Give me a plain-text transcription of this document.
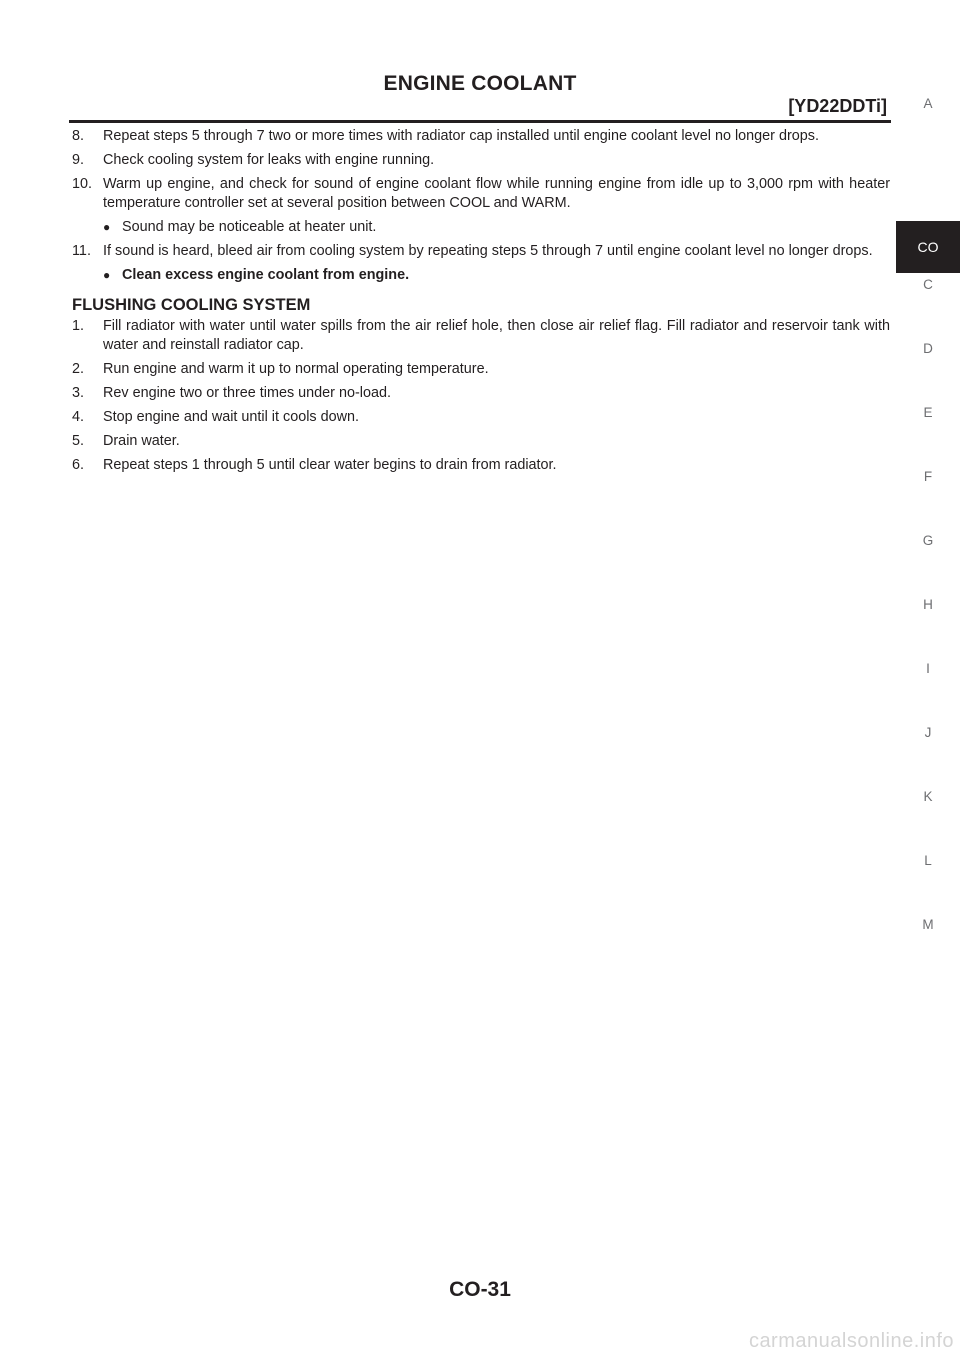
ENGINE COOLANT
[YD22DDTi]
8. Repeat steps 5 through 7 two or more times with radiator cap installed until engine coolant level no longer drops.
9. Check cooling system for leaks with engine running.
10. Warm up engine, and check for sound of engine coolant flow while running engine from idle up to 3,000 rpm with heater temperature controller set at several position between COOL and WARM.
● Sound may be noticeable at heater unit.
11. If sound is heard, bleed air from cooling system by repeating steps 5 through 7 until engine coolant level no longer drops.
● Clean excess engine coolant from engine.
FLUSHING COOLING SYSTEM
1. Fill radiator with water until water spills from the air relief hole, then close air relief flag. Fill radiator and reservoir tank with water and reinstall radiator cap.
2. Run engine and warm it up to normal operating temperature.
3. Rev engine two or three times under no-load.
4. Stop engine and wait until it cools down.
5. Drain water.
6. Repeat steps 1 through 5 until clear water begins to drain from radiator.
A
CO
C
D
E
F
G
H
I
J
K
L
M
CO-31
carmanualsonline.info
